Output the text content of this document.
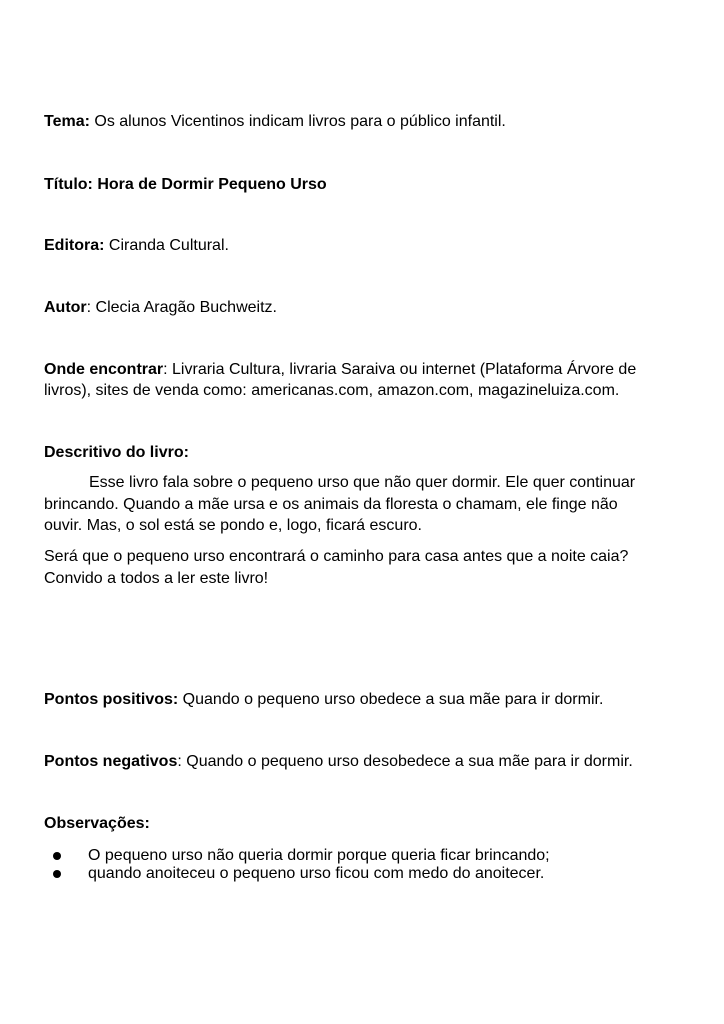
Tema: Os alunos Vicentinos indicam livros para o público infantil.
Título: Hora de Dormir Pequeno Urso
Editora: Ciranda Cultural.
Autor: Clecia Aragão Buchweitz.
Onde encontrar: Livraria Cultura, livraria Saraiva ou internet (Plataforma Árvore de
livros), sites de venda como: americanas.com, amazon.com, magazineluiza.com.
Descritivo do livro:
Esse livro fala sobre o pequeno urso que não quer dormir. Ele quer continuar
brincando. Quando a mãe ursa e os animais da floresta o chamam, ele finge não
ouvir. Mas, o sol está se pondo e, logo, ficará escuro.
Será que o pequeno urso encontrará o caminho para casa antes que a noite caia?
Convido a todos a ler este livro!
Pontos positivos: Quando o pequeno urso obedece a sua mãe para ir dormir.
Pontos negativos: Quando o pequeno urso desobedece a sua mãe para ir dormir.
Observações:
O pequeno urso não queria dormir porque queria ficar brincando;
quando anoiteceu o pequeno urso ficou com medo do anoitecer.
